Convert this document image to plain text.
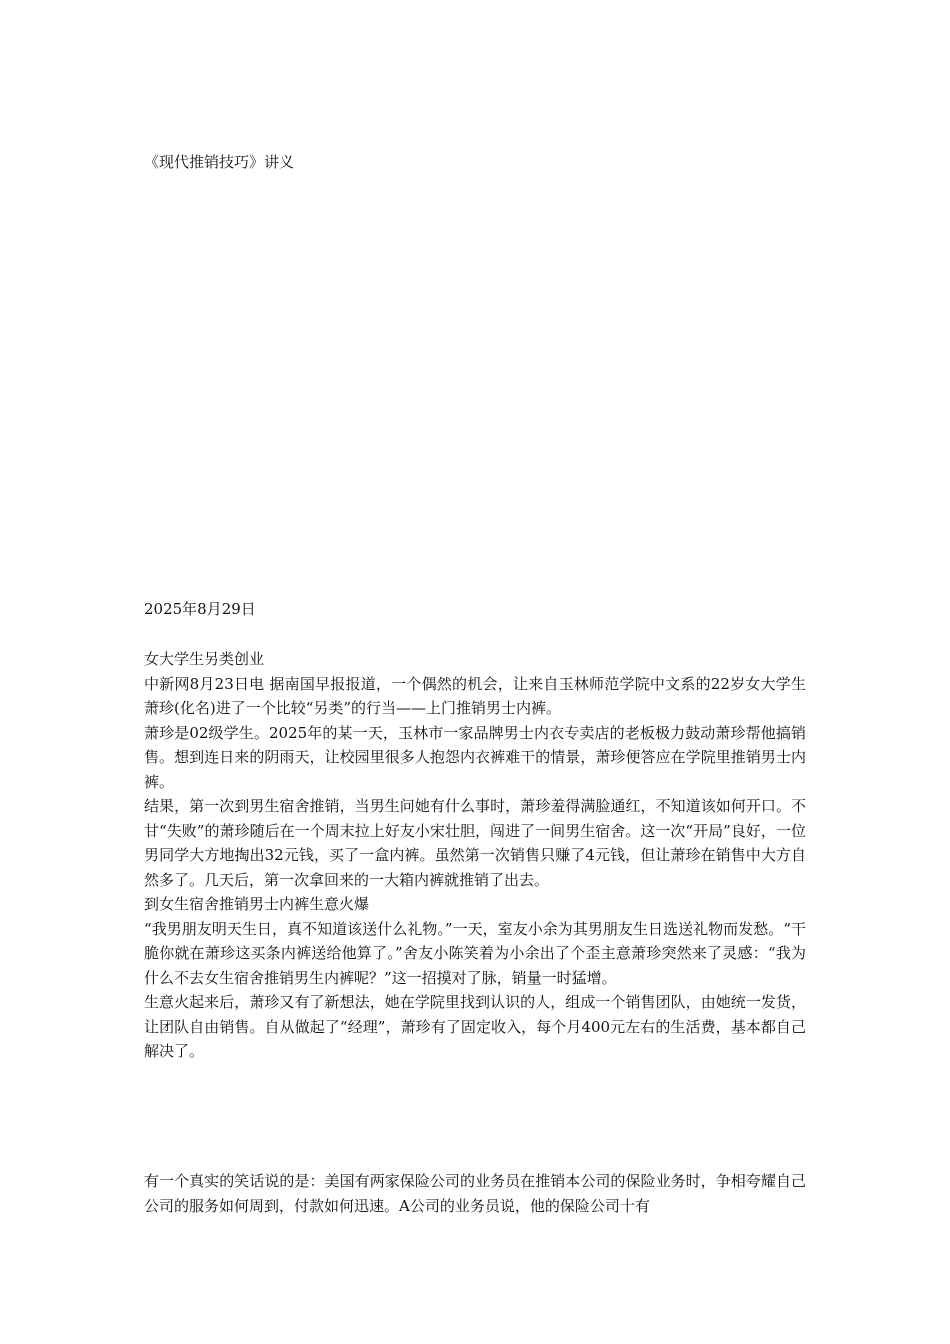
《现代推销技巧》讲义
2025年8月29日

女大学生另类创业

中新网8月23日电 据南国早报报道，一个偶然的机会，让来自玉林师范学院中文系的22岁女大学生萧珍(化名)进了一个比较“另类”的行当——上门推销男士内裤。

萧珍是02级学生。2025年的某一天，玉林市一家品牌男士内衣专卖店的老板极力鼓动萧珍帮他搞销售。想到连日来的阴雨天，让校园里很多人抱怨内衣裤难干的情景，萧珍便答应在学院里推销男士内裤。

结果，第一次到男生宿舍推销，当男生问她有什么事时，萧珍羞得满脸通红，不知道该如何开口。不甘“失败”的萧珍随后在一个周末拉上好友小宋壮胆，闯进了一间男生宿舍。这一次“开局”良好，一位男同学大方地掏出32元钱，买了一盒内裤。虽然第一次销售只赚了4元钱，但让萧珍在销售中大方自然多了。几天后，第一次拿回来的一大箱内裤就推销了出去。

到女生宿舍推销男士内裤生意火爆

“我男朋友明天生日，真不知道该送什么礼物。”一天，室友小余为其男朋友生日选送礼物而发愁。“干脆你就在萧珍这买条内裤送给他算了。”舍友小陈笑着为小余出了个歪主意萧珍突然来了灵感：“我为什么不去女生宿舍推销男生内裤呢？”这一招摸对了脉，销量一时猛增。

生意火起来后，萧珍又有了新想法，她在学院里找到认识的人，组成一个销售团队，由她统一发货，让团队自由销售。自从做起了“经理”，萧珍有了固定收入，每个月400元左右的生活费，基本都自己解决了。

有一个真实的笑话说的是：美国有两家保险公司的业务员在推销本公司的保险业务时，争相夸耀自己公司的服务如何周到，付款如何迅速。A公司的业务员说，他的保险公司十有
